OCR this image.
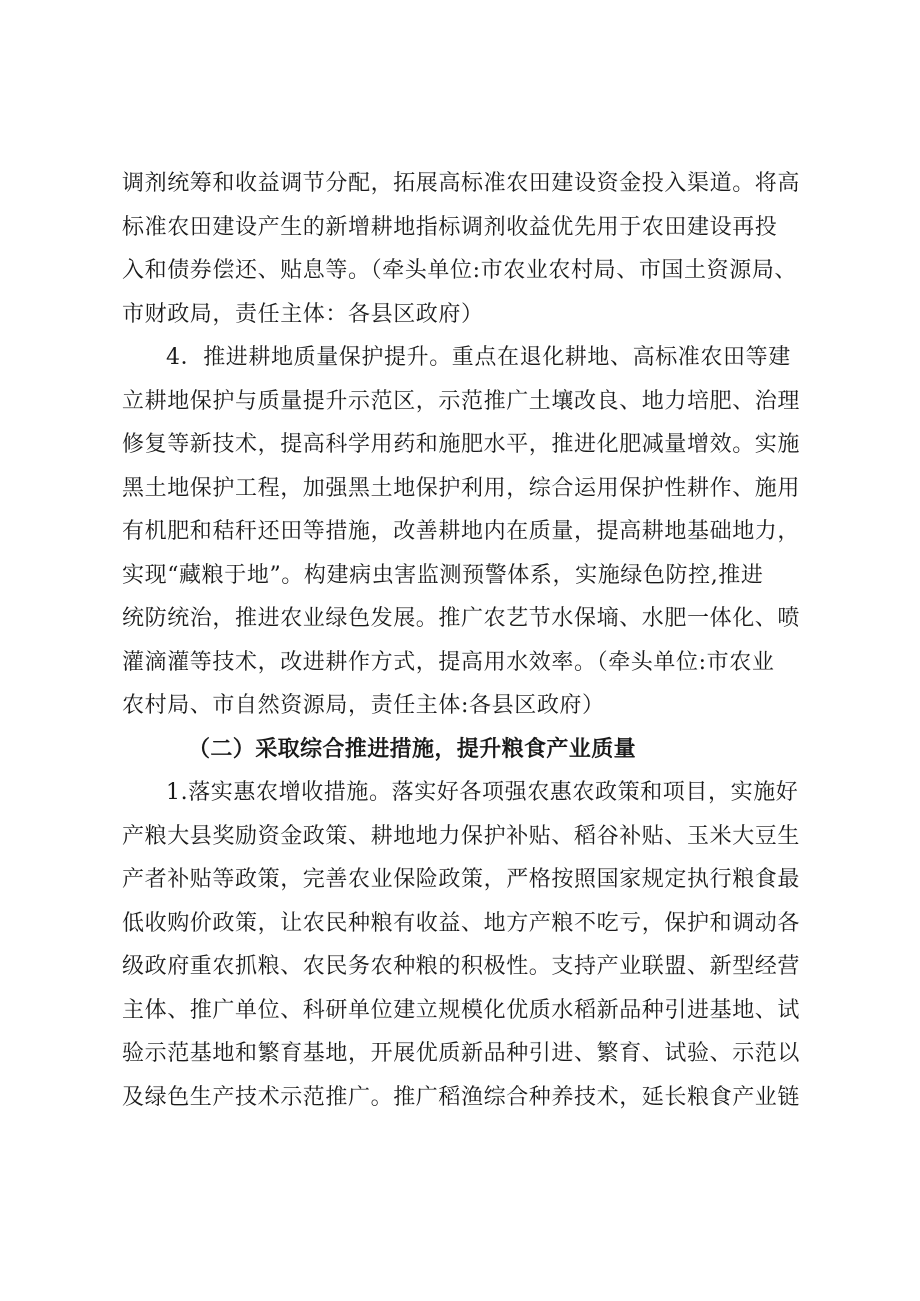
调剂统筹和收益调节分配，拓展高标准农田建设资金投入渠道。将高
标准农田建设产生的新增耕地指标调剂收益优先用于农田建设再投
入和债券偿还、贴息等。（牵头单位:市农业农村局、市国土资源局、
市财政局，责任主体：各县区政府）
4．推进耕地质量保护提升。重点在退化耕地、高标准农田等建
立耕地保护与质量提升示范区，示范推广土壤改良、地力培肥、治理
修复等新技术，提高科学用药和施肥水平，推进化肥减量增效。实施
黑土地保护工程，加强黑土地保护利用，综合运用保护性耕作、施用
有机肥和秸秆还田等措施，改善耕地内在质量，提高耕地基础地力，
实现“藏粮于地”。构建病虫害监测预警体系，实施绿色防控,推进
统防统治，推进农业绿色发展。推广农艺节水保墒、水肥一体化、喷
灌滴灌等技术，改进耕作方式，提高用水效率。（牵头单位:市农业
农村局、市自然资源局，责任主体:各县区政府）
（二）采取综合推进措施，提升粮食产业质量
1.落实惠农增收措施。落实好各项强农惠农政策和项目，实施好
产粮大县奖励资金政策、耕地地力保护补贴、稻谷补贴、玉米大豆生
产者补贴等政策，完善农业保险政策，严格按照国家规定执行粮食最
低收购价政策，让农民种粮有收益、地方产粮不吃亏，保护和调动各
级政府重农抓粮、农民务农种粮的积极性。支持产业联盟、新型经营
主体、推广单位、科研单位建立规模化优质水稻新品种引进基地、试
验示范基地和繁育基地，开展优质新品种引进、繁育、试验、示范以
及绿色生产技术示范推广。推广稻渔综合种养技术，延长粮食产业链
